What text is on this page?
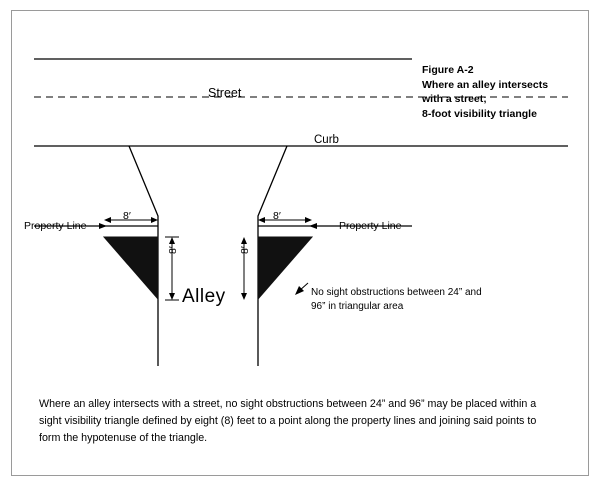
Figure A-2
Where an alley intersects
with a street;
8-foot visibility triangle
Street
Curb
Alley
Property Line	Property Line
8′	8′
8′	8′
No sight obstructions between 24” and 96” in triangular area
Where an alley intersects with a street, no sight obstructions between 24” and 96” may be placed within a sight visibility triangle defined by eight (8) feet to a point along the property lines and joining said points to form the hypotenuse of the triangle.
